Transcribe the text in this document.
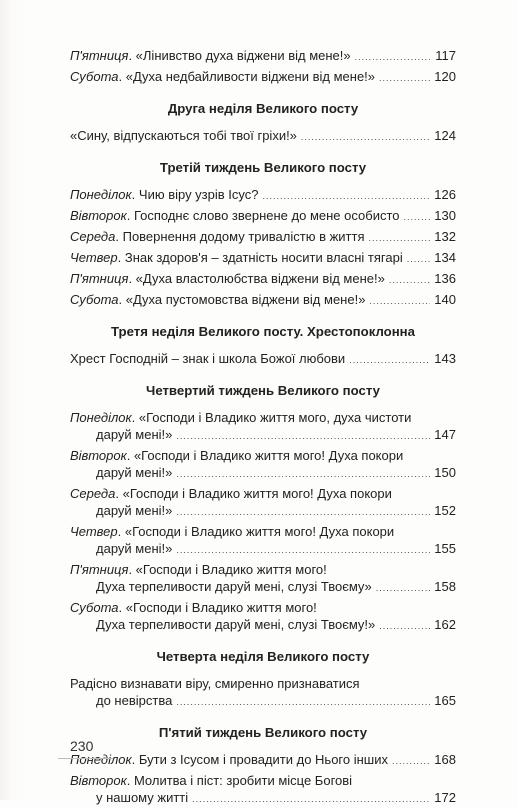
П'ятниця . «Лінивство духа віджени від мене!» .....	117
Субота . «Духа недбайливости віджени від мене!» .....	120
Друга неділя Великого посту
«Сину, відпускаються тобі твої гріхи!» .....	124
Третій тиждень Великого посту
Понеділок . Чию віру узрів Ісус? .....	126
Вівторок . Господнє слово звернене до мене особисто .....	130
Середа . Повернення додому тривалістю в життя .....	132
Четвер . Знак здоров'я – здатність носити власні тягарі .....	134
П'ятниця . «Духа властолюбства віджени від мене!» .....	136
Субота . «Духа пустомовства віджени від мене!» .....	140
Третя неділя Великого посту. Хрестопоклонна
Хрест Господній – знак і школа Божої любови .....	143
Четвертий тиждень Великого посту
Понеділок . «Господи і Владико життя мого, духа чистоти
даруй мені!» .....	147
Вівторок . «Господи і Владико життя мого! Духа покори
даруй мені!» .....	150
Середа . «Господи і Владико життя мого! Духа покори
даруй мені!» .....	152
Четвер . «Господи і Владико життя мого! Духа покори
даруй мені!» .....	155
П'ятниця . «Господи і Владико життя мого!
Духа терпеливости даруй мені, слузі Твоєму» .....	158
Субота . «Господи і Владико життя мого!
Духа терпеливости даруй мені, слузі Твоєму!» .....	162
Четверта неділя Великого посту
Радісно визнавати віру, смиренно признаватися
до невірства .....	165
П'ятий тиждень Великого посту
Понеділок . Бути з Ісусом і провадити до Нього інших .....	168
Вівторок . Молитва і піст: зробити місце Богові
у нашому житті .....	172
230
